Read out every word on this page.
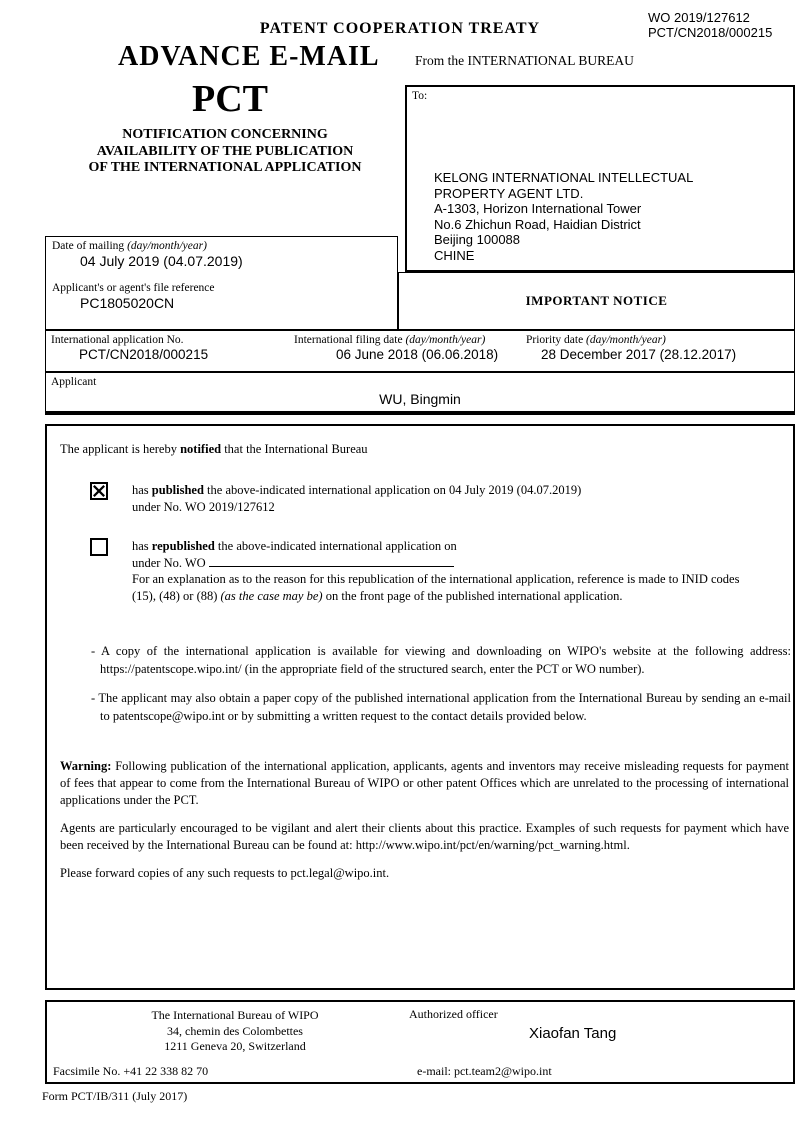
PATENT COOPERATION TREATY
WO 2019/127612
PCT/CN2018/000215
ADVANCE E-MAIL	From the INTERNATIONAL BUREAU
PCT
NOTIFICATION CONCERNING
AVAILABILITY OF THE PUBLICATION
OF THE INTERNATIONAL APPLICATION
To:
KELONG INTERNATIONAL INTELLECTUAL
PROPERTY AGENT LTD.
A-1303, Horizon International Tower
No.6 Zhichun Road, Haidian District
Beijing 100088
CHINE
Date of mailing (day/month/year)
04 July 2019 (04.07.2019)
Applicant's or agent's file reference
PC1805020CN	IMPORTANT NOTICE
International application No.
PCT/CN2018/000215
International filing date (day/month/year)
06 June 2018 (06.06.2018)
Priority date (day/month/year)
28 December 2017 (28.12.2017)
Applicant
WU, Bingmin
The applicant is hereby notified that the International Bureau
has published the above-indicated international application on 04 July 2019 (04.07.2019)
under No. WO 2019/127612
has republished the above-indicated international application on
under No. WO
For an explanation as to the reason for this republication of the international application, reference is made to INID codes
(15), (48) or (88) (as the case may be) on the front page of the published international application.
- A copy of the international application is available for viewing and downloading on WIPO's website at the following address: https://patentscope.wipo.int/ (in the appropriate field of the structured search, enter the PCT or WO number).
- The applicant may also obtain a paper copy of the published international application from the International Bureau by sending an e-mail to patentscope@wipo.int or by submitting a written request to the contact details provided below.
Warning: Following publication of the international application, applicants, agents and inventors may receive misleading requests for payment of fees that appear to come from the International Bureau of WIPO or other patent Offices which are unrelated to the processing of international applications under the PCT.
Agents are particularly encouraged to be vigilant and alert their clients about this practice. Examples of such requests for payment which have been received by the International Bureau can be found at: http://www.wipo.int/pct/en/warning/pct_warning.html.
Please forward copies of any such requests to pct.legal@wipo.int.
The International Bureau of WIPO
34, chemin des Colombettes
1211 Geneva 20, Switzerland
Authorized officer
Xiaofan Tang
Facsimile No. +41 22 338 82 70	e-mail: pct.team2@wipo.int
Form PCT/IB/311 (July 2017)
